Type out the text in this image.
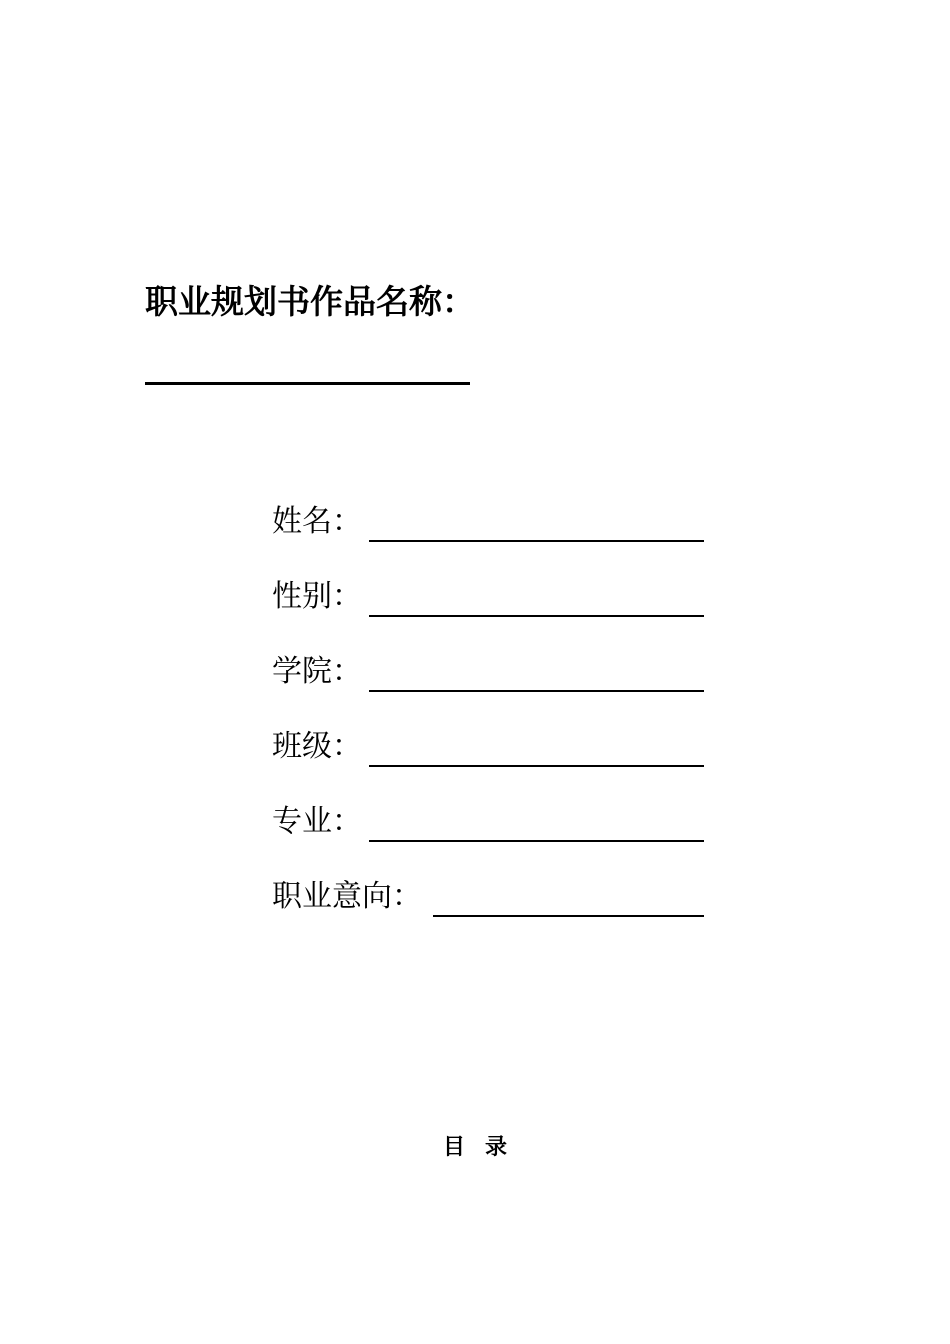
职业规划书作品名称：
姓名：
性别：
学院：
班级：
专业：
职业意向：
目录
